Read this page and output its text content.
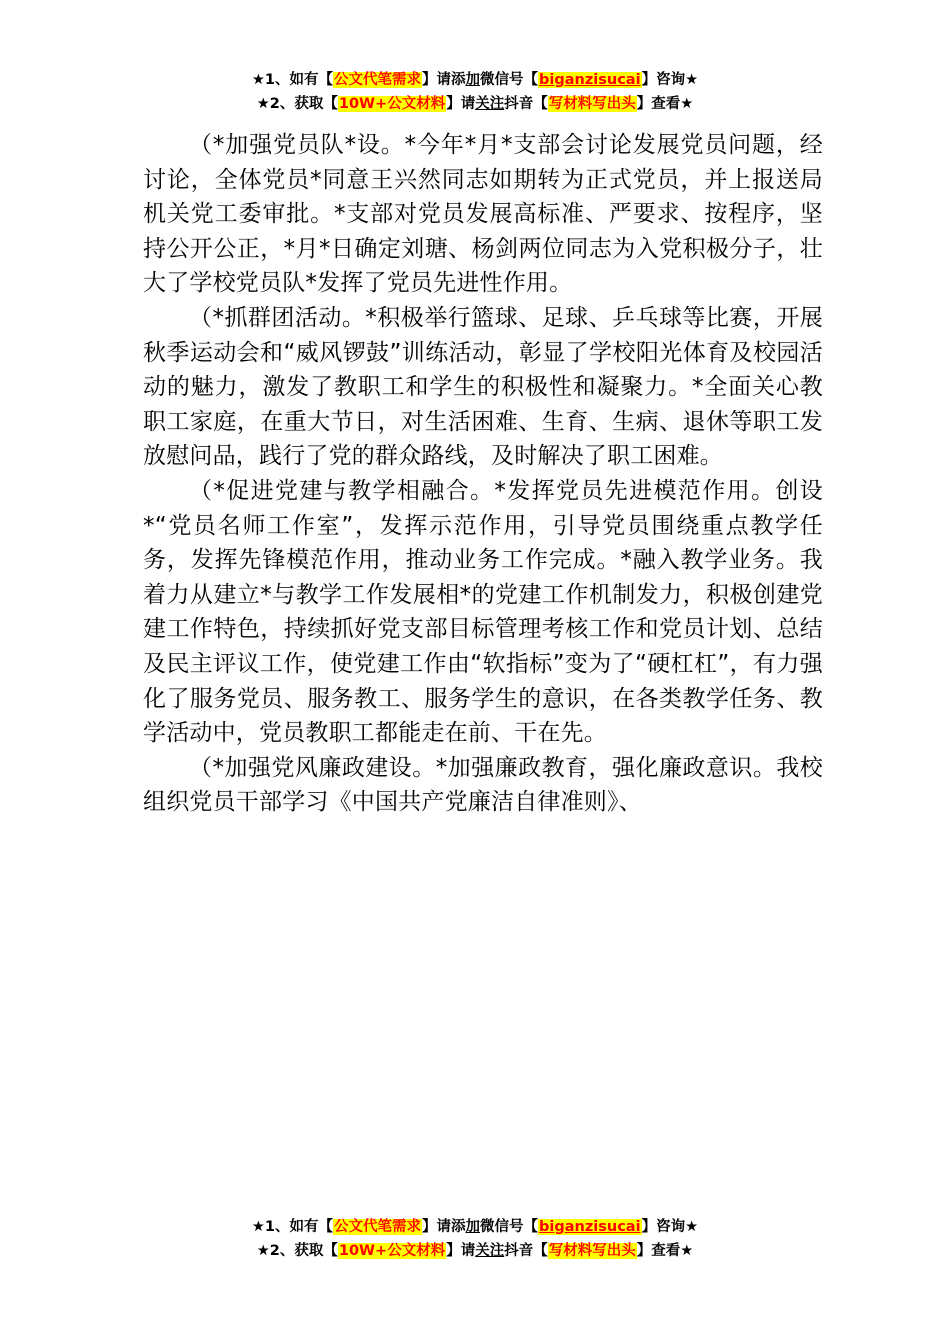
★1、如有【公文代笔需求】请添加微信号【biganzisucai】咨询★
★2、获取【10W+公文材料】请关注抖音【写材料写出头】查看★

（*加强党员队*设。*今年*月*支部会讨论发展党员问题，经讨论，全体党员*同意王兴然同志如期转为正式党员，并上报送局机关党工委审批。*支部对党员发展高标准、严要求、按程序，坚持公开公正，*月*日确定刘瑭、杨剑两位同志为入党积极分子，壮大了学校党员队*发挥了党员先进性作用。

（*抓群团活动。*积极举行篮球、足球、乒乓球等比赛，开展秋季运动会和“威风锣鼓”训练活动，彰显了学校阳光体育及校园活动的魅力，激发了教职工和学生的积极性和凝聚力。*全面关心教职工家庭，在重大节日，对生活困难、生育、生病、退休等职工发放慰问品，践行了党的群众路线，及时解决了职工困难。

（*促进党建与教学相融合。*发挥党员先进模范作用。创设*“党员名师工作室”，发挥示范作用，引导党员围绕重点教学任务，发挥先锋模范作用，推动业务工作完成。*融入教学业务。我着力从建立*与教学工作发展相*的党建工作机制发力，积极创建党建工作特色，持续抓好党支部目标管理考核工作和党员计划、总结及民主评议工作，使党建工作由“软指标”变为了“硬杠杠”，有力强化了服务党员、服务教工、服务学生的意识，在各类教学任务、教学活动中，党员教职工都能走在前、干在先。

（*加强党风廉政建设。*加强廉政教育，强化廉政意识。我校组织党员干部学习《中国共产党廉洁自律准则》、

★1、如有【公文代笔需求】请添加微信号【biganzisucai】咨询★
★2、获取【10W+公文材料】请关注抖音【写材料写出头】查看★
